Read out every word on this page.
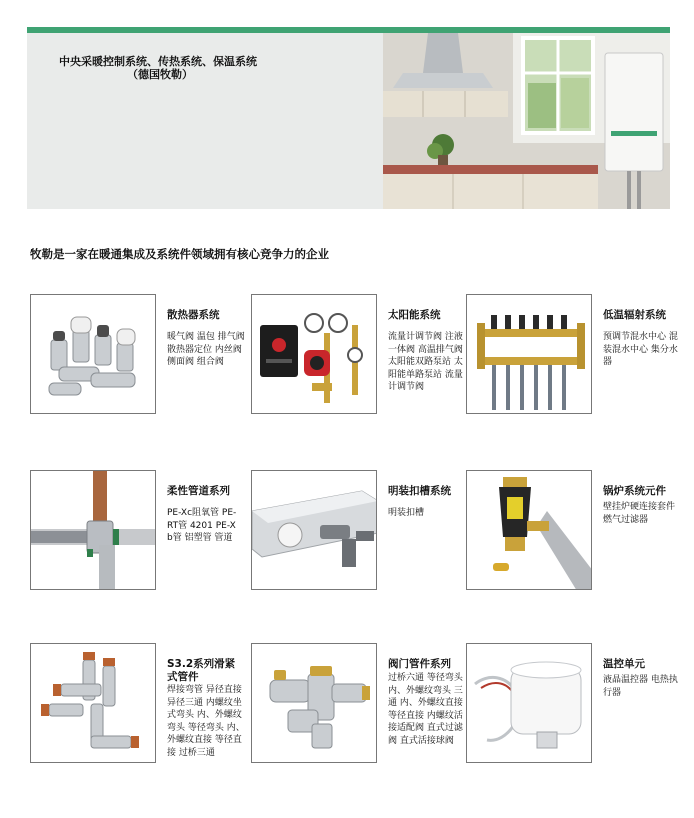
中央采暖控制系统、传热系统、保温系统
（德国牧勒）
牧勒是一家在暖通集成及系统件领域拥有核心竞争力的企业
散热器系统
暖气阀 温包 排气阀 散热器定位 内丝阀 侧面阀 组合阀
太阳能系统
流量计调节阀 注液一体阀 高温排气阀 太阳能双路泵站 太阳能单路泵站 流量计调节阀
低温辐射系统
预调节混水中心 混装混水中心 集分水器
柔性管道系列
PE-Xc阻氧管 PE-RT管 4201 PE-Xb管 铝塑管 管道
明装扣槽系统
明装扣槽
锅炉系统元件
壁挂炉硬连接套件 燃气过滤器
S3.2系列滑紧式管件
焊接弯管 异径直接 异径三通 内螺纹坐式弯头 内、外螺纹弯头 等径弯头 内、外螺纹直接 等径直接 过桥三通
阀门管件系列
过桥六通 等径弯头 内、外螺纹弯头 三通 内、外螺纹直接 等径直接 内螺纹活接适配阀 直式过滤阀 直式活接球阀
温控单元
液晶温控器 电热执行器
